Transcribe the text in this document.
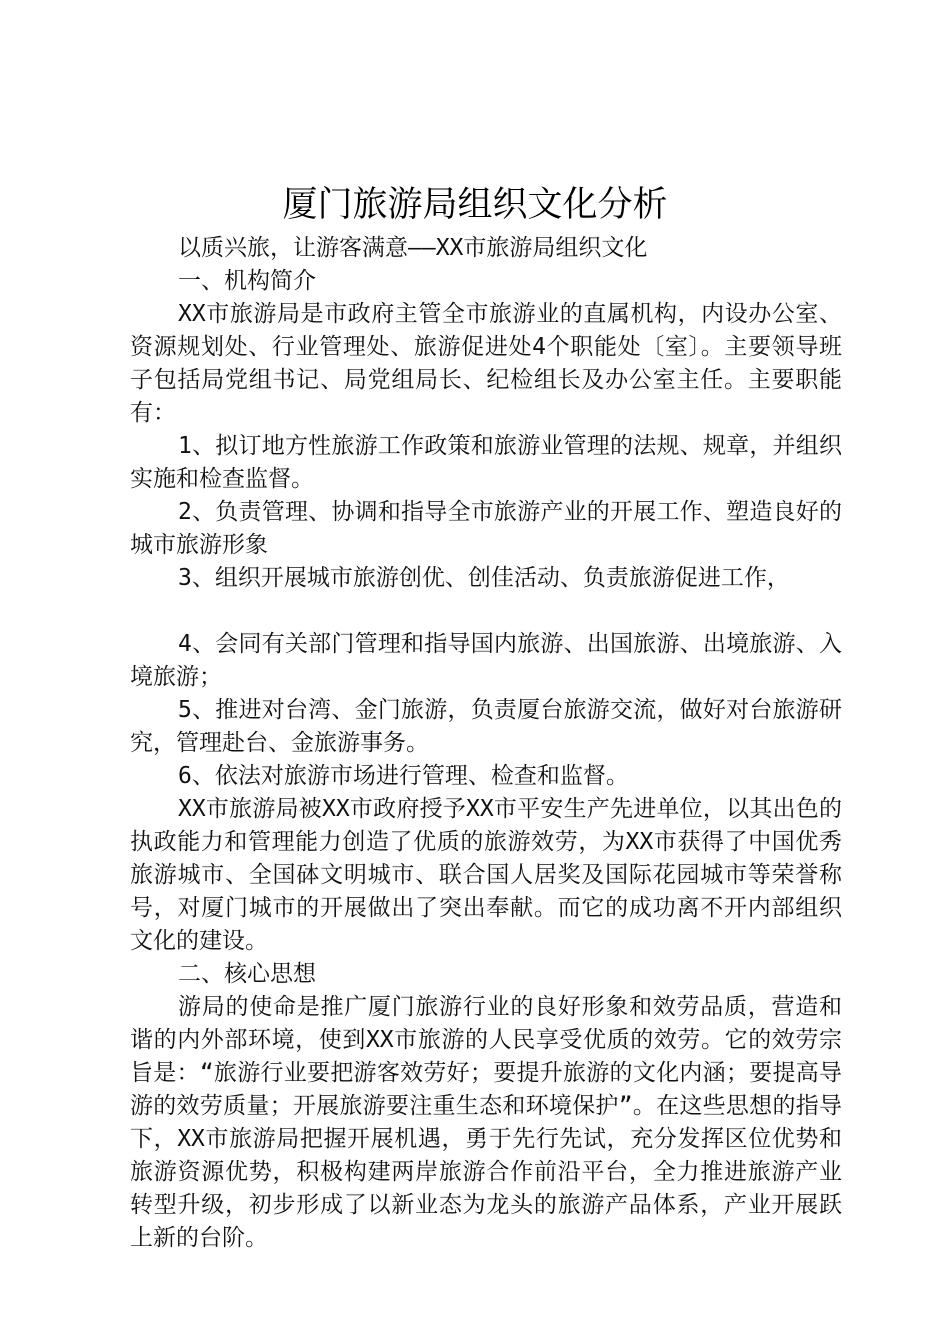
厦门旅游局组织文化分析

以质兴旅，让游客满意——XX市旅游局组织文化

一、机构简介

XX市旅游局是市政府主管全市旅游业的直属机构，内设办公室、资源规划处、行业管理处、旅游促进处4个职能处〔室〕。主要领导班子包括局党组书记、局党组局长、纪检组长及办公室主任。主要职能有：

1、拟订地方性旅游工作政策和旅游业管理的法规、规章，并组织实施和检查监督。

2、负责管理、协调和指导全市旅游产业的开展工作、塑造良好的城市旅游形象

3、组织开展城市旅游创优、创佳活动、负责旅游促进工作，

4、会同有关部门管理和指导国内旅游、出国旅游、出境旅游、入境旅游；

5、推进对台湾、金门旅游，负责厦台旅游交流，做好对台旅游研究，管理赴台、金旅游事务。

6、依法对旅游市场进行管理、检查和监督。

XX市旅游局被XX市政府授予XX市平安生产先进单位，以其出色的执政能力和管理能力创造了优质的旅游效劳，为XX市获得了中国优秀旅游城市、全国砵文明城市、联合国人居奖及国际花园城市等荣誉称号，对厦门城市的开展做出了突出奉献。而它的成功离不开内部组织文化的建设。

二、核心思想

游局的使命是推广厦门旅游行业的良好形象和效劳品质，营造和谐的内外部环境，使到XX市旅游的人民享受优质的效劳。它的效劳宗旨是：“旅游行业要把游客效劳好；要提升旅游的文化内涵；要提高导游的效劳质量；开展旅游要注重生态和环境保护”。在这些思想的指导下，XX市旅游局把握开展机遇，勇于先行先试，充分发挥区位优势和旅游资源优势，积极构建两岸旅游合作前沿平台，全力推进旅游产业转型升级，初步形成了以新业态为龙头的旅游产品体系，产业开展跃上新的台阶。
